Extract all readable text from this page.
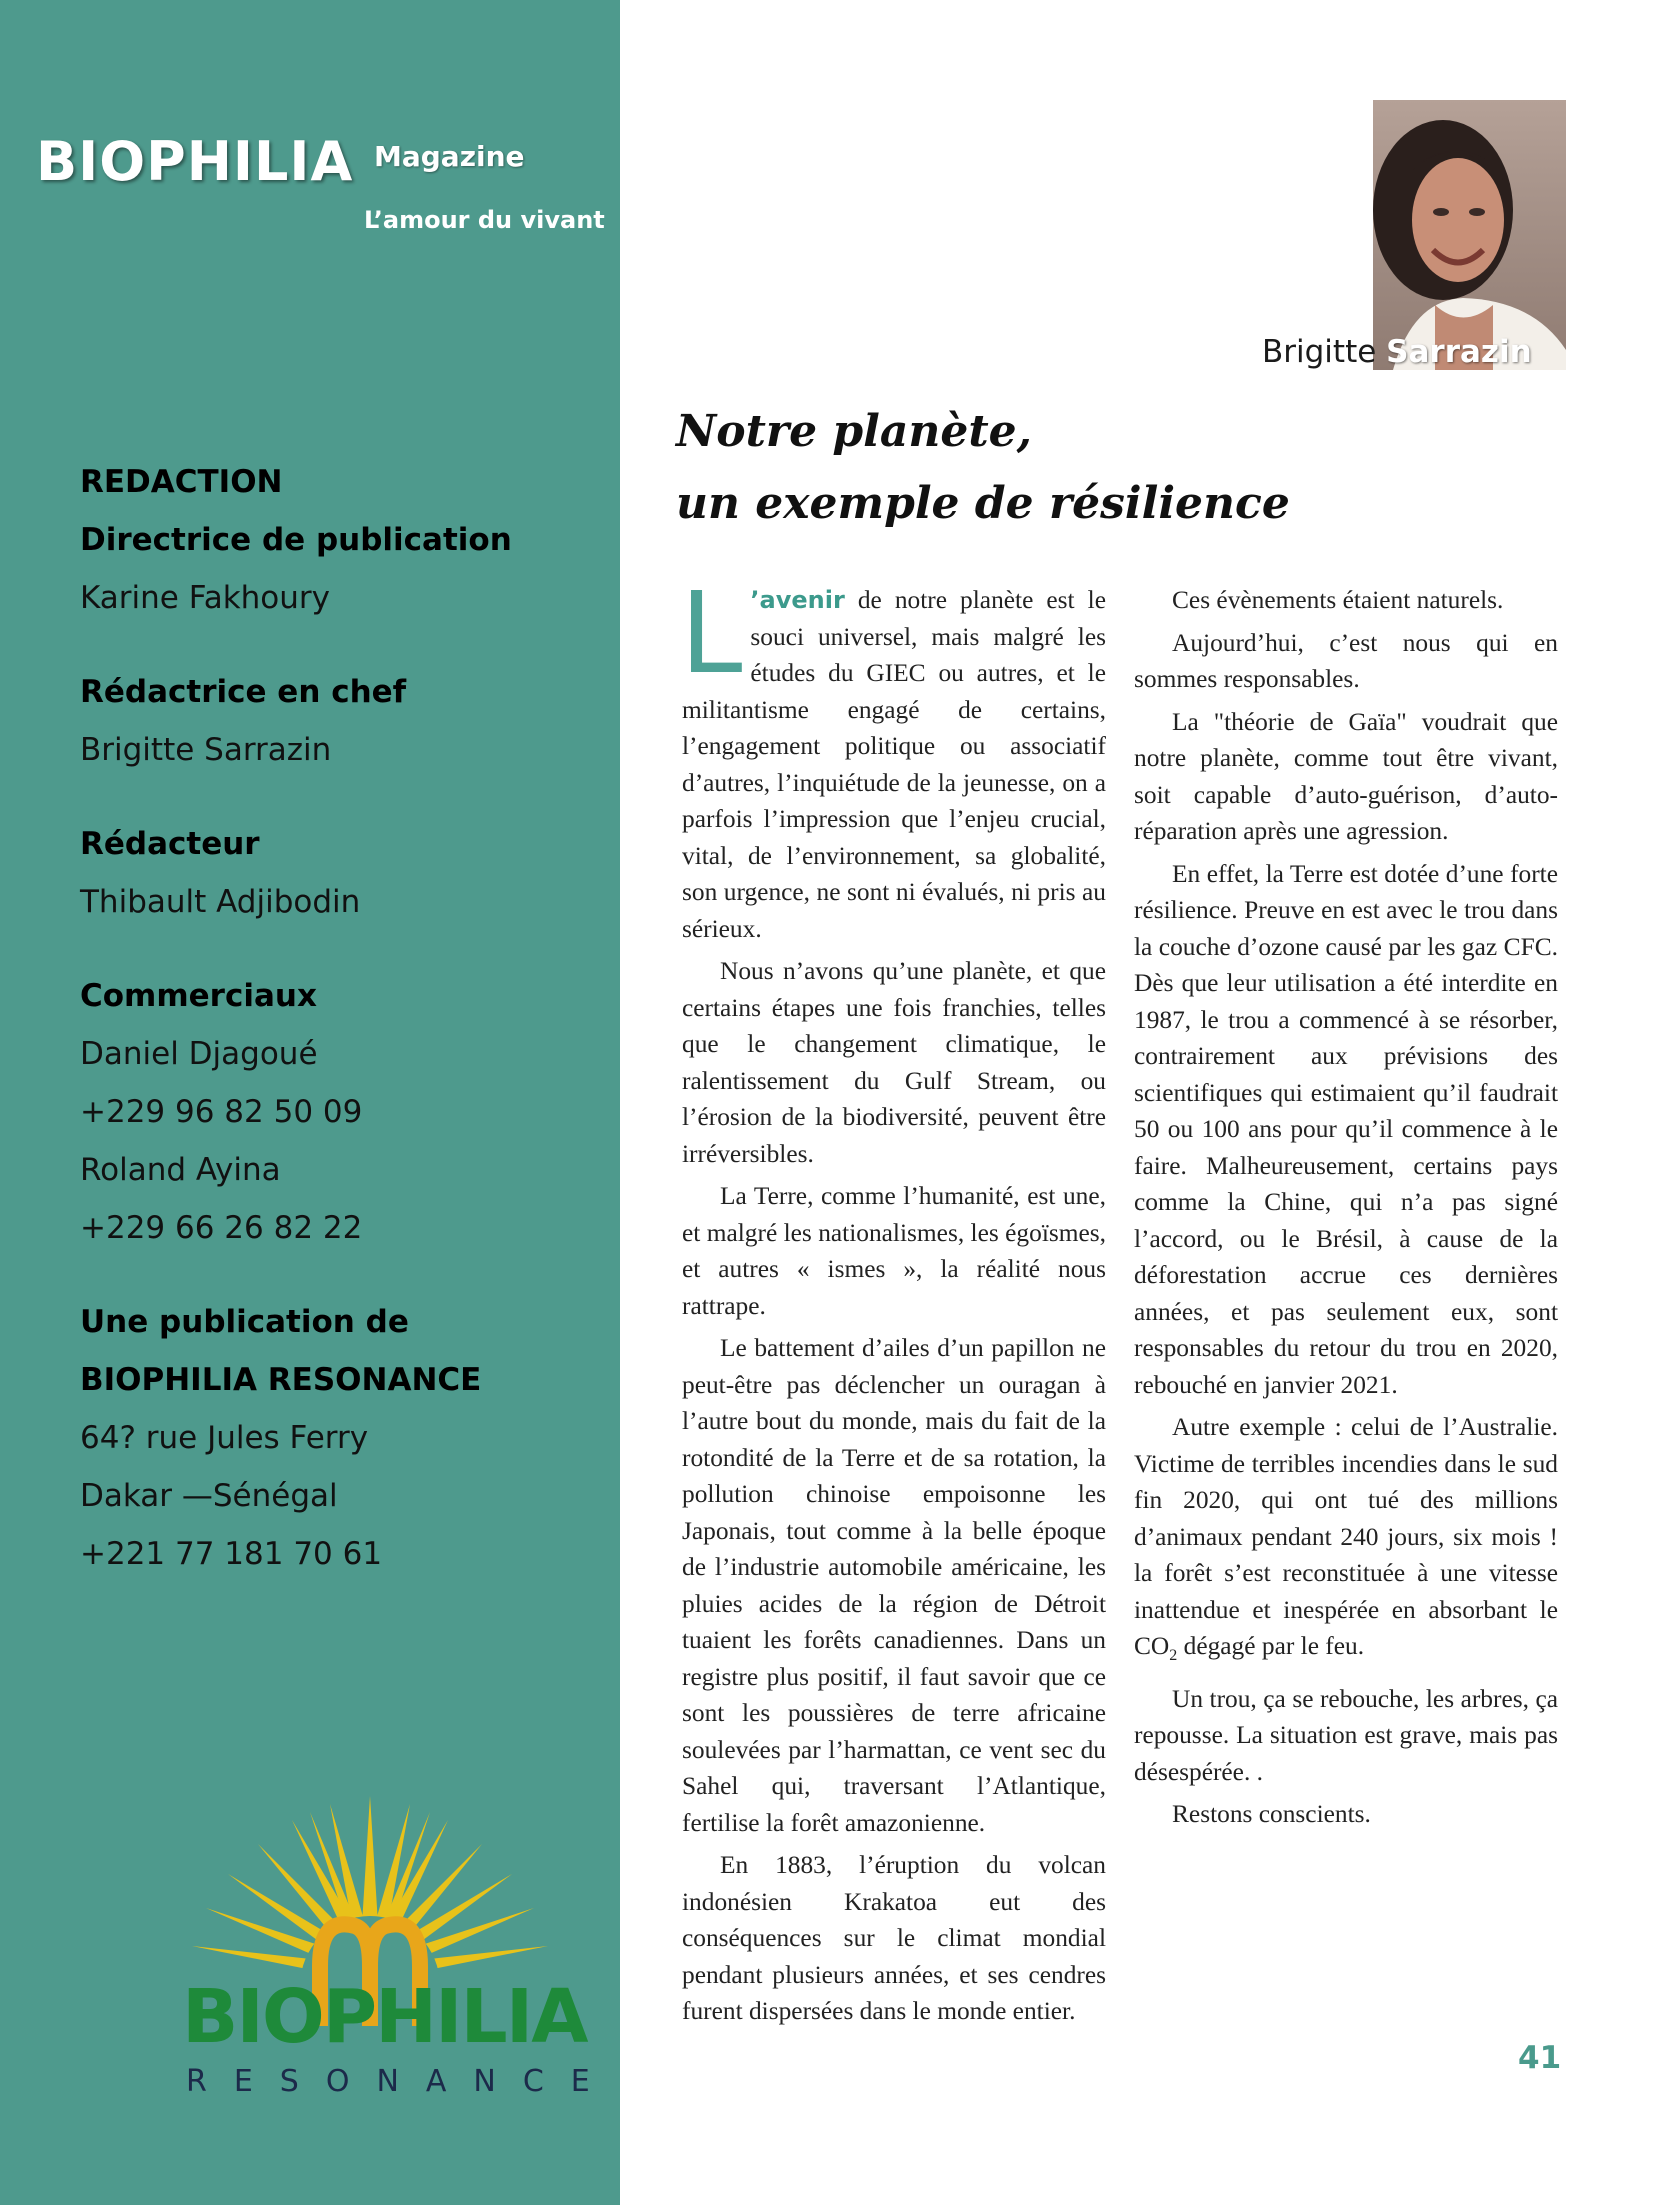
BIOPHILIA Magazine
L’amour du vivant
REDACTION
Directrice de publication
Karine Fakhoury
Rédactrice en chef
Brigitte Sarrazin
Rédacteur
Thibault Adjibodin
Commerciaux
Daniel Djagoué
+229 96 82 50 09
Roland Ayina
+229 66 26 82 22
Une publication de
BIOPHILIA RESONANCE
64? rue Jules Ferry
Dakar —Sénégal
+221 77 181 70 61
BIOPHILIA
RESONANCE
Brigitte Sarrazin
Notre planète,
un exemple de résilience

L ’avenir de notre planète est le souci universel, mais malgré les études du GIEC ou autres, et le militantisme engagé de certains, l’engagement politique ou associatif d’autres, l’inquiétude de la jeunesse, on a parfois l’impression que l’enjeu crucial, vital, de l’environnement, sa globalité, son urgence, ne sont ni évalués, ni pris au sérieux.

Nous n’avons qu’une planète, et que certains étapes une fois franchies, telles que le changement climatique, le ralentissement du Gulf Stream, ou l’érosion de la biodiversité, peuvent être irréversibles.

La Terre, comme l’humanité, est une, et malgré les nationalismes, les égoïsmes, et autres « ismes », la réalité nous rattrape.

Le battement d’ailes d’un papillon ne peut-être pas déclencher un ouragan à l’autre bout du monde, mais du fait de la rotondité de la Terre et de sa rotation, la pollution chinoise empoisonne les Japonais, tout comme à la belle époque de l’industrie automobile américaine, les pluies acides de la région de Détroit tuaient les forêts canadiennes. Dans un registre plus positif, il faut savoir que ce sont les poussières de terre africaine soulevées par l’harmattan, ce vent sec du Sahel qui, traversant l’Atlantique, fertilise la forêt amazonienne.

En 1883, l’éruption du volcan indonésien Krakatoa eut des conséquences sur le climat mondial pendant plusieurs années, et ses cendres furent dispersées dans le monde entier.

Ces évènements étaient naturels.

Aujourd’hui, c’est nous qui en sommes responsables.

La "théorie de Gaïa" voudrait que notre planète, comme tout être vivant, soit capable d’auto-guérison, d’auto-réparation après une agression.

En effet, la Terre est dotée d’une forte résilience. Preuve en est avec le trou dans la couche d’ozone causé par les gaz CFC. Dès que leur utilisation a été interdite en 1987, le trou a commencé à se résorber, contrairement aux prévisions des scientifiques qui estimaient qu’il faudrait 50 ou 100 ans pour qu’il commence à le faire. Malheureusement, certains pays comme la Chine, qui n’a pas signé l’accord, ou le Brésil, à cause de la déforestation accrue ces dernières années, et pas seulement eux, sont responsables du retour du trou en 2020, rebouché en janvier 2021.

Autre exemple : celui de l’Australie. Victime de terribles incendies dans le sud fin 2020, qui ont tué des millions d’animaux pendant 240 jours, six mois ! la forêt s’est reconstituée à une vitesse inattendue et inespérée en absorbant le $CO_2$ dégagé par le feu.

Un trou, ça se rebouche, les arbres, ça repousse. La situation est grave, mais pas désespérée. .

Restons conscients.

41
